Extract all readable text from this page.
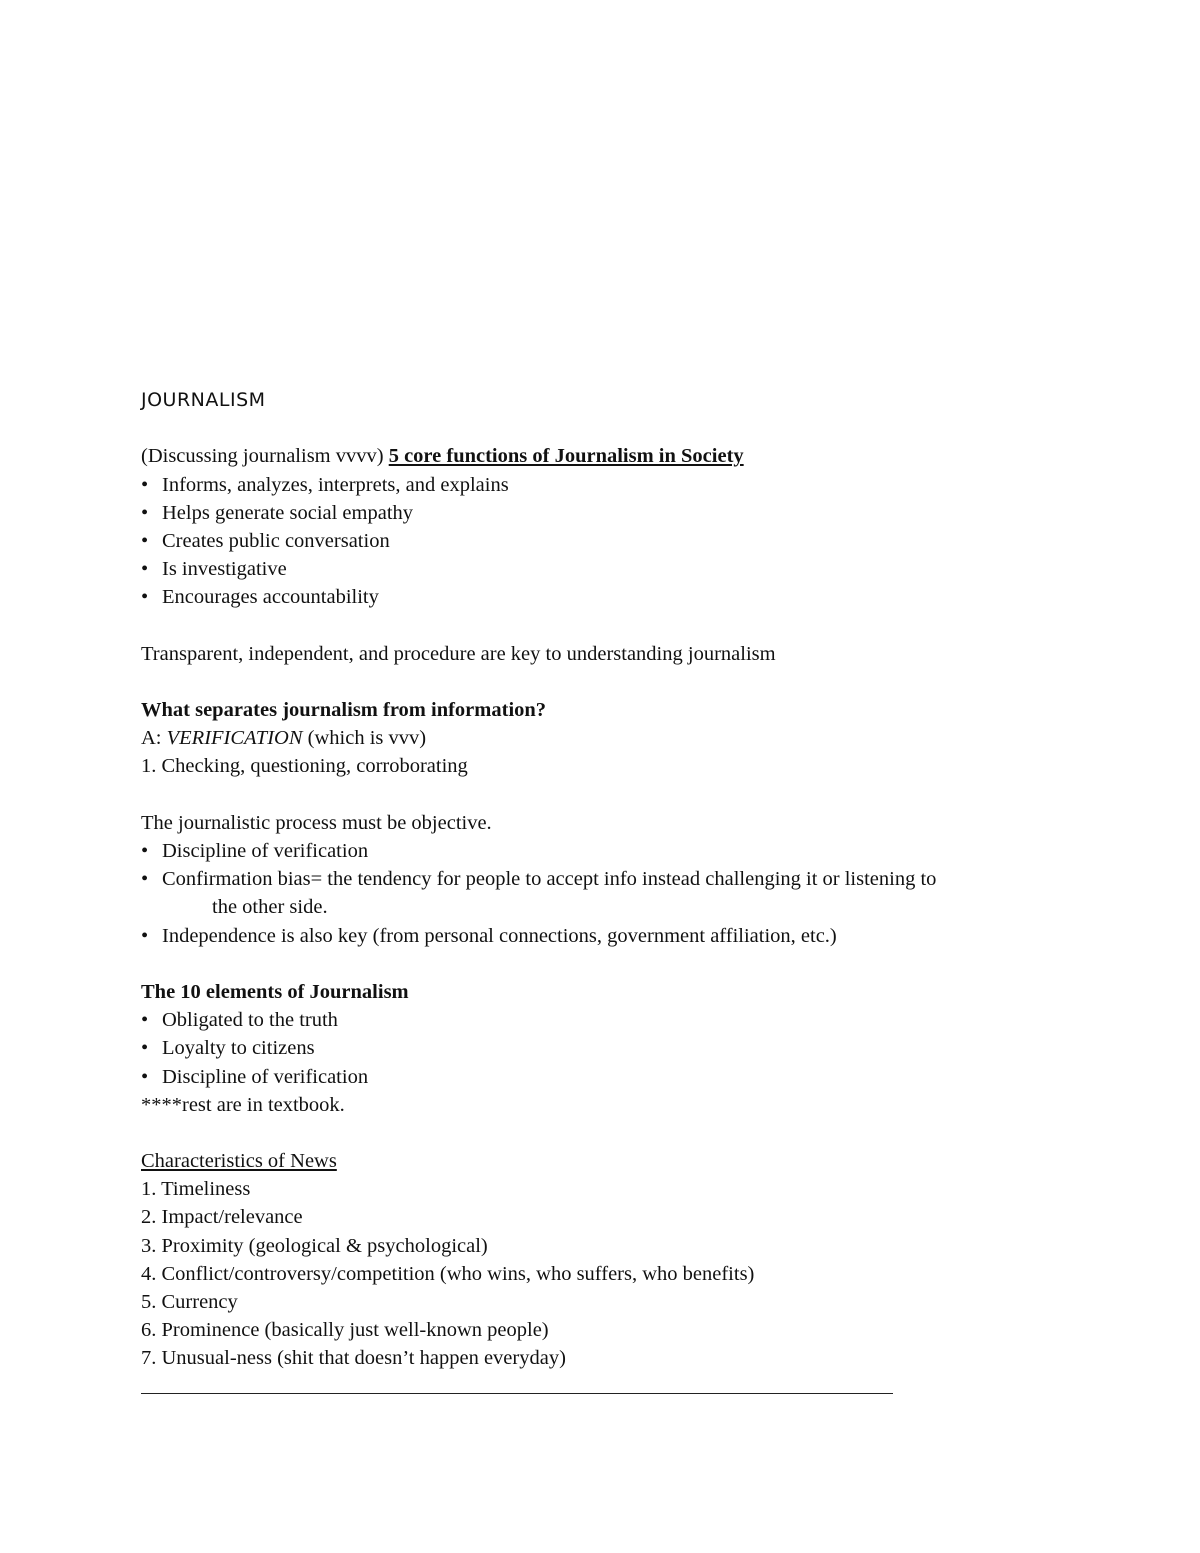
JOURNALISM
(Discussing journalism vvvv) 5 core functions of Journalism in Society
• Informs, analyzes, interprets, and explains
• Helps generate social empathy
• Creates public conversation
• Is investigative
• Encourages accountability
Transparent, independent, and procedure are key to understanding journalism
What separates journalism from information?
A: VERIFICATION (which is vvv)
1. Checking, questioning, corroborating
The journalistic process must be objective.
• Discipline of verification
• Confirmation bias= the tendency for people to accept info instead challenging it or listening to
the other side.
• Independence is also key (from personal connections, government affiliation, etc.)
The 10 elements of Journalism
• Obligated to the truth
• Loyalty to citizens
• Discipline of verification
****rest are in textbook.
Characteristics of News
1. Timeliness
2. Impact/relevance
3. Proximity (geological & psychological)
4. Conflict/controversy/competition (who wins, who suffers, who benefits)
5. Currency
6. Prominence (basically just well-known people)
7. Unusual-ness (shit that doesn’t happen everyday)
